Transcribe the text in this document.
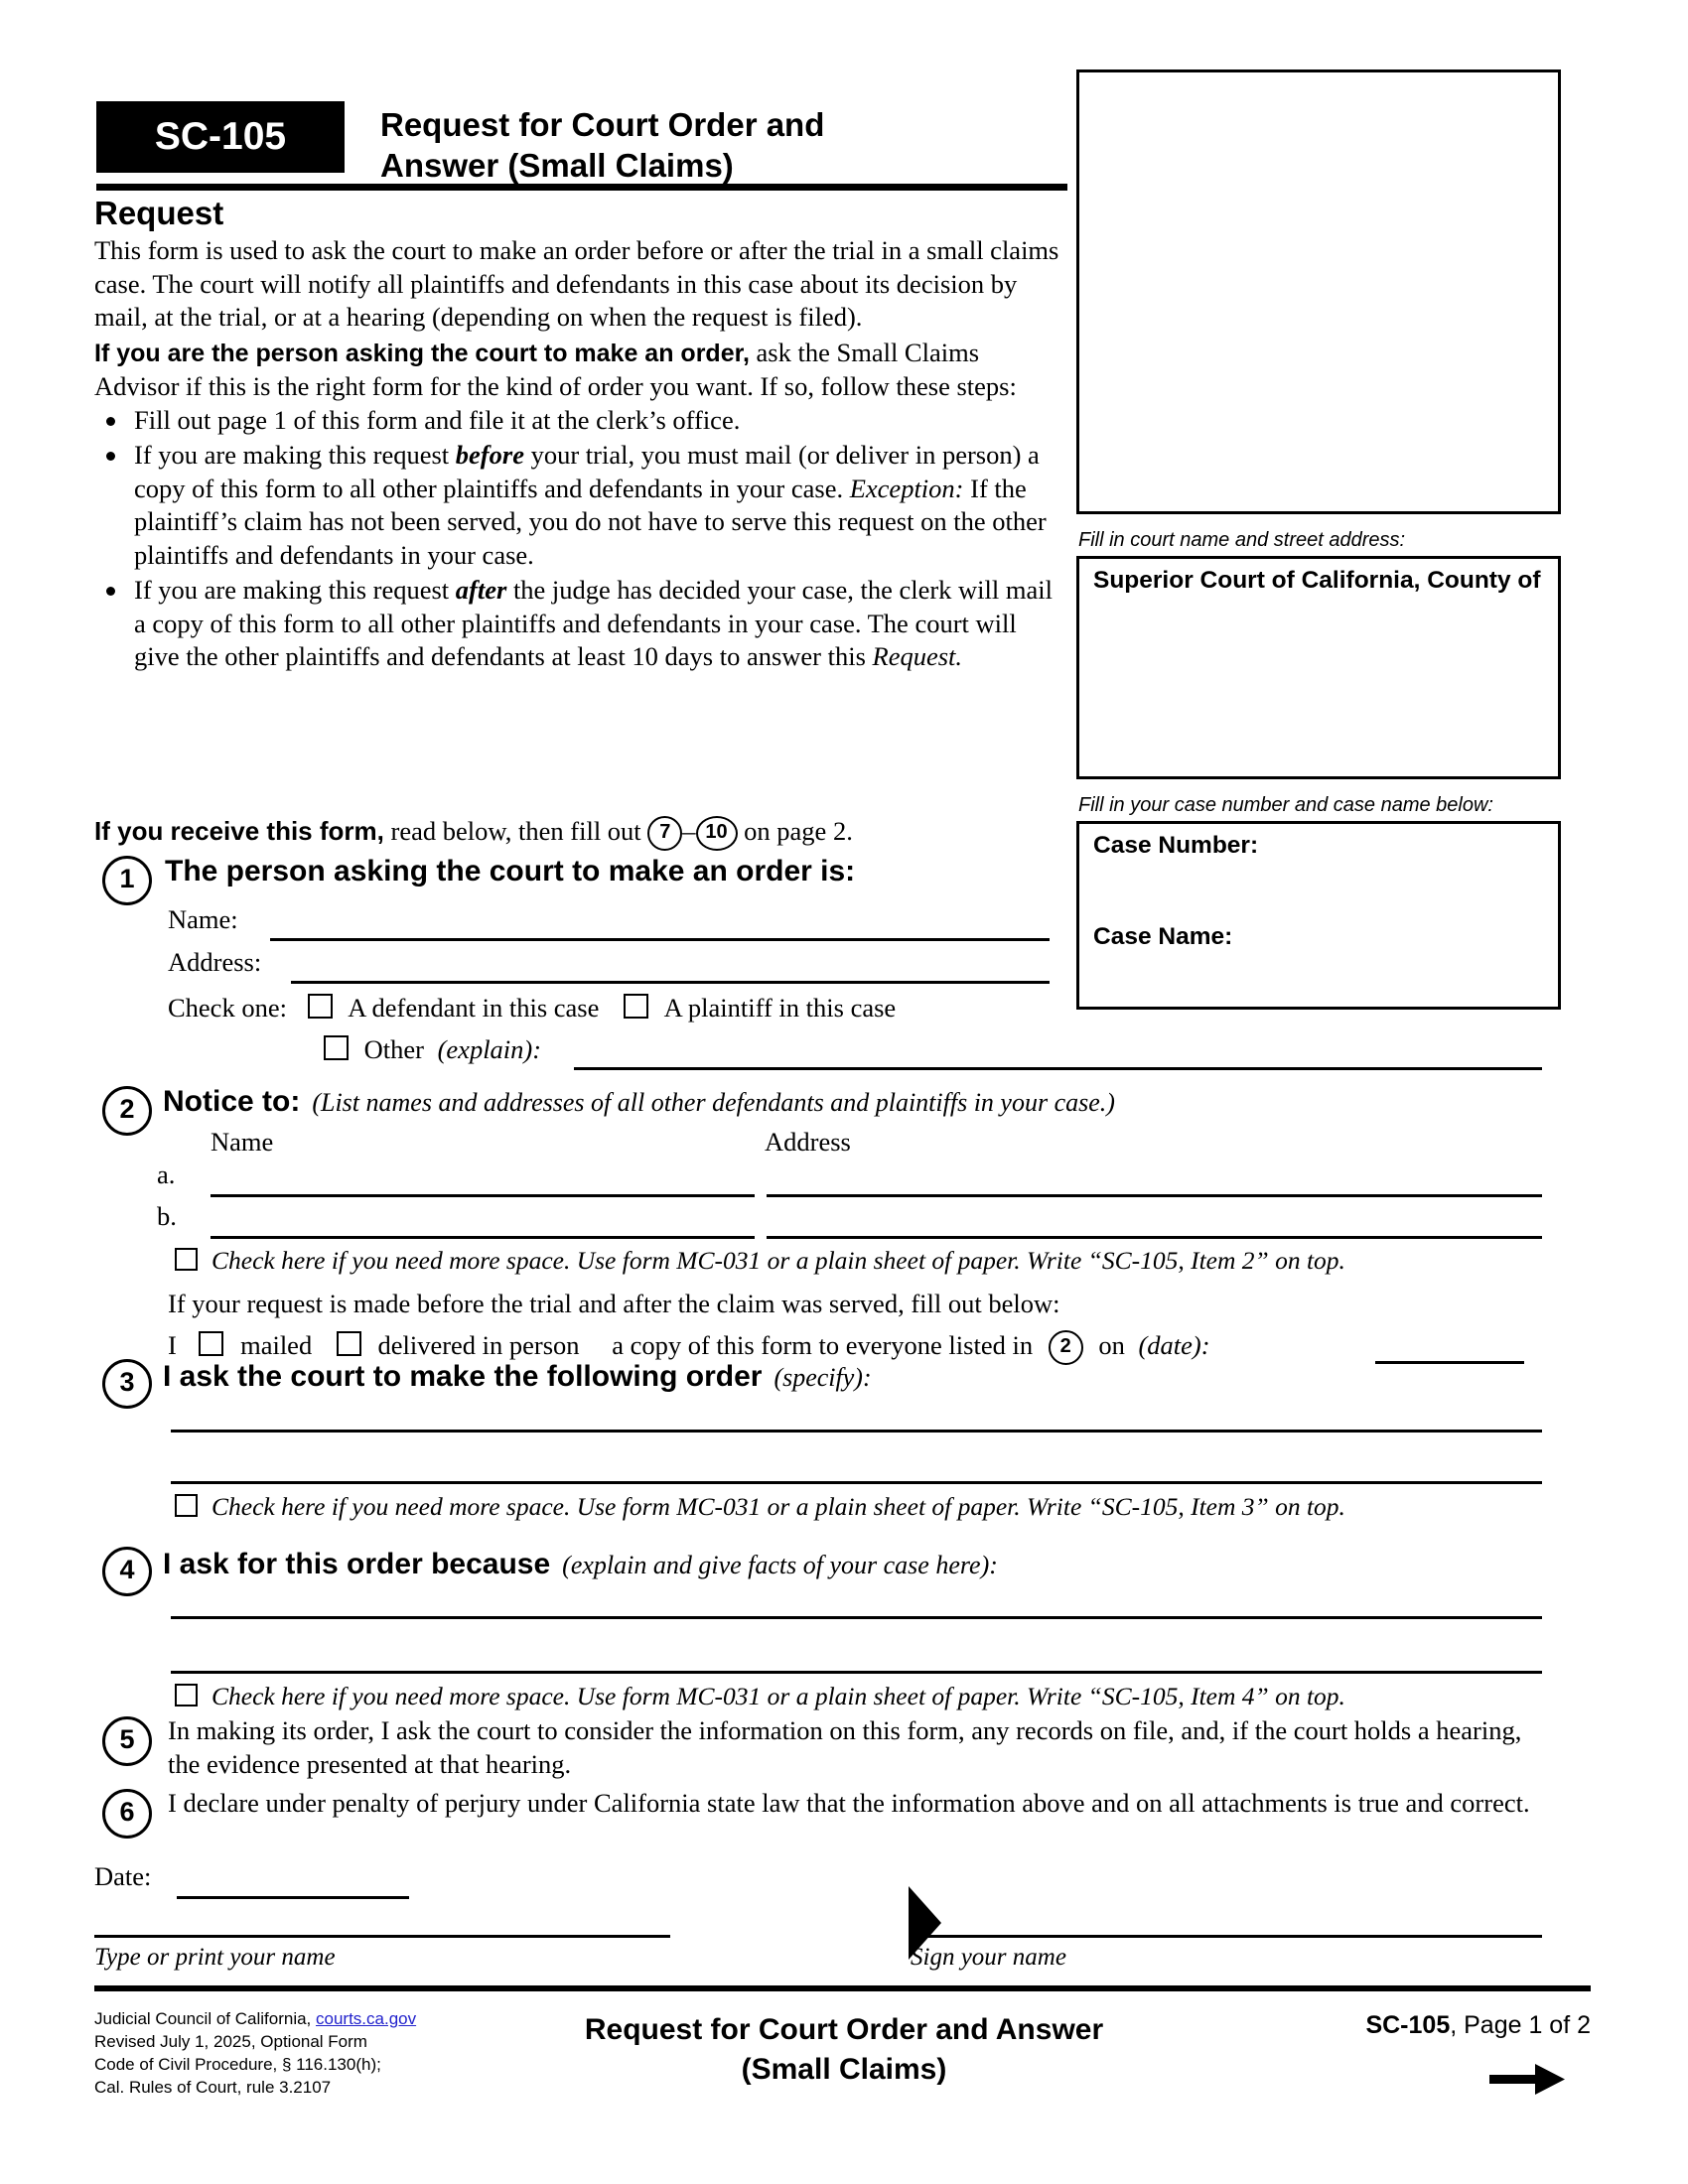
SC-105	Request for Court Order and
Answer (Small Claims)
Request

This form is used to ask the court to make an order before or after the trial in a small claims case. The court will notify all plaintiffs and defendants in this case about its decision by mail, at the trial, or at a hearing (depending on when the request is filed).

If you are the person asking the court to make an order, ask the Small Claims Advisor if this is the right form for the kind of order you want. If so, follow these steps:

Fill out page 1 of this form and file it at the clerk’s office.
If you are making this request before your trial, you must mail (or deliver in person) a copy of this form to all other plaintiffs and defendants in your case. Exception: If the plaintiff’s claim has not been served, you do not have to serve this request on the other plaintiffs and defendants in your case.
If you are making this request after the judge has decided your case, the clerk will mail a copy of this form to all other plaintiffs and defendants in your case. The court will give the other plaintiffs and defendants at least 10 days to answer this Request.
If you receive this form, read below, then fill out 7 – 10 on page 2.
Fill in court name and street address:
Superior Court of California, County of
Fill in your case number and case name below:
Case Number:
Case Name:
1	The person asking the court to make an order is:
Name:
Address:
Check one: A defendant in this case A plaintiff in this case
Other (explain):
2 Notice to: (List names and addresses of all other defendants and plaintiffs in your case.)
Name	Address
a.
b.
Check here if you need more space. Use form MC-031 or a plain sheet of paper. Write “SC-105, Item 2” on top.
If your request is made before the trial and after the claim was served, fill out below:
I mailed	delivered in person a copy of this form to everyone listed in 2 on (date):
3 I ask the court to make the following order (specify):
Check here if you need more space. Use form MC-031 or a plain sheet of paper. Write “SC-105, Item 3” on top.
4 I ask for this order because (explain and give facts of your case here):
Check here if you need more space. Use form MC-031 or a plain sheet of paper. Write “SC-105, Item 4” on top.
5	In making its order, I ask the court to consider the information on this form, any records on file, and, if the court holds a hearing, the evidence presented at that hearing.
6	I declare under penalty of perjury under California state law that the information above and on all attachments is true and correct.
Date:
Type or print your name	Sign your name
Judicial Council of California, courts.ca.gov
Revised July 1, 2025, Optional Form
Code of Civil Procedure, § 116.130(h);
Cal. Rules of Court, rule 3.2107
Request for Court Order and Answer
(Small Claims)
SC-105, Page 1 of 2
